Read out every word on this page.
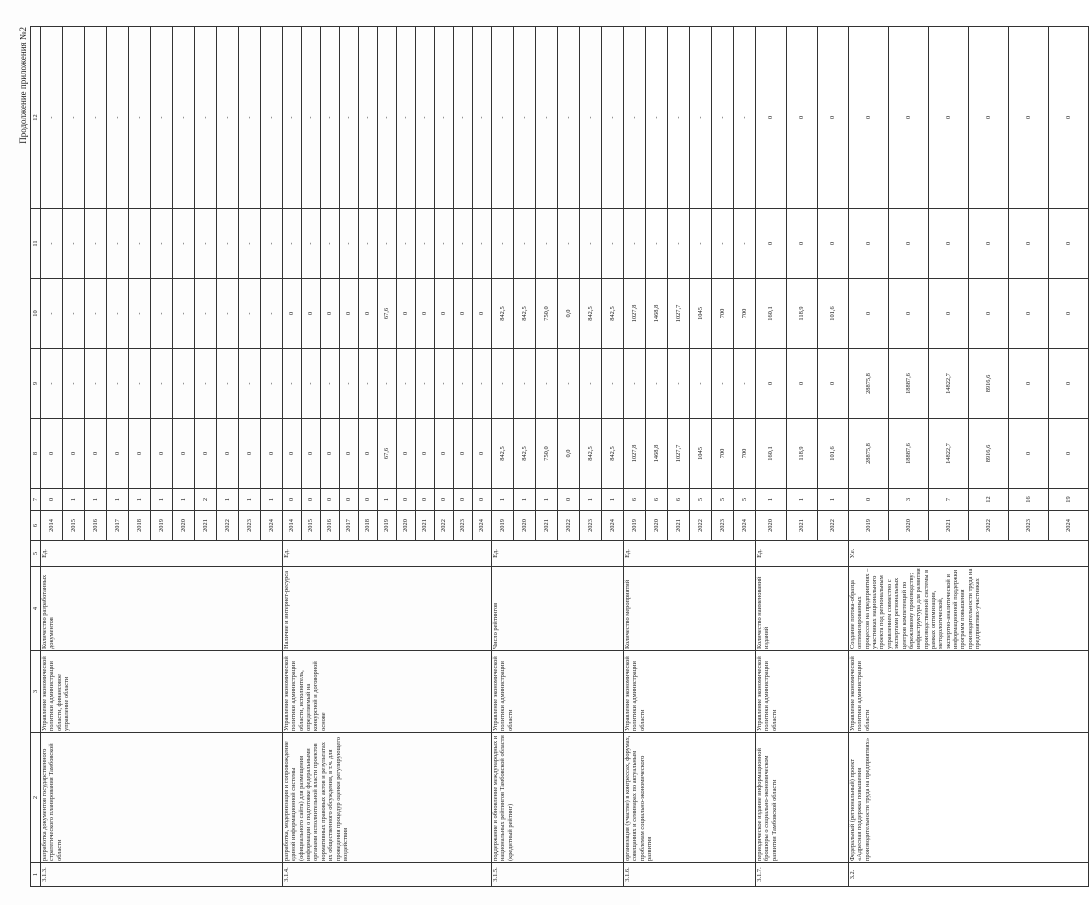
Продолжение приложения №2
1	2	3	4	5	6	7	8	9	10	11	12
3.1.3.	разработка документов государственного стратегического планирования Тамбовской области	Управление экономической политики администрации области, финансовое управление области	Количество разработанных документов	Ед.	2014	0	0	-	-	-	-
					2015	1	0	-	-	-	-
					2016	1	0	-	-	-	-
					2017	1	0	-	-	-	-
					2018	1	0	-	-	-	-
					2019	1	0	-	-	-	-
					2020	1	0	-	-	-	-
					2021	2	0	-	-	-	-
					2022	1	0	-	-	-	-
					2023	1	0	-	-	-	-
					2024	1	0	-	-	-	-
3.1.4.	разработка, модернизация и сопровождение единой информационной системы (официального сайта) для размещения информации о подготовке федеральными органами исполнительной власти проектов нормативных правовых актов и результатах их общественного обсуждения, в т.ч. для проведения процедур оценки регулирующего воздействия	Управление экономической политики администрации области, исполнитель, определяемый на конкурсной и договорной основе	Наличие и интернет-ресурса	Ед.	2014	0	0	-	0	-	-
					2015	0	0	-	0	-	-
					2016	0	0	-	0	-	-
					2017	0	0	-	0	-	-
					2018	0	0	-	0	-	-
					2019	1	67,6	-	67,6	-	-
					2020	0	0	-	0	-	-
					2021	0	0	-	0	-	-
					2022	0	0	-	0	-	-
					2023	0	0	-	0	-	-
					2024	0	0	-	0	-	-
3.1.5.	поддержание и обновление международных и национальных рейтингов Тамбовской области (кредитный рейтинг)	Управление экономической политики администрации области	Число рейтингов	Ед.	2019	1	842,5	-	842,5	-	-
					2020	1	842,5	-	842,5	-	-
					2021	1	750,0	-	750,0	-	-
					2022	0	0,0	-	0,0	-	-
					2023	1	842,5	-	842,5	-	-
					2024	1	842,5	-	842,5	-	-
3.1.6.	организация (участие) в конгрессах, форумах, совещаниях и семинарах по актуальным проблемам социально-экономического развития	Управление экономической политики администрации области	Количество мероприятий	Ед.	2019	6	1027,8	-	1027,8	-	-
					2020	6	1468,8	-	1468,8	-	-
					2021	6	1027,7	-	1027,7	-	-
					2022	5	1045	-	1045	-	-
					2023	5	700	-	700	-	-
					2024	5	700	-	700	-	-
3.1.7.	периодическое издание информационной брошюры о социально-экономическом развитии Тамбовской области	Управление экономической политики администрации области	Количество наименований изданий	Ед.	2020	1	160,1	0	160,1	0	0
					2021	1	118,9	0	118,9	0	0
					2022	1	101,6	0	101,6	0	0
3.2.	Федеральный (региональный) проект «Адресная поддержка повышения производительности труда на предприятиях»	Управление экономической политики администрации области	Создание потока-образца оптимизированных процессов на предприятиях – участниках национального проекта под региональным управлением совместно с экспертами региональных центров компетенций по бережливому производству; инфраструктура для развития производственной системы в рамках оптимизации, методологической, экспертно-аналитической и информационной поддержки программ повышения производительности труда на предприятиях-участниках	У.е.	2019	0	28875,8	28875,8	0	0	0
					2020	3	18887,6	18887,6	0	0	0
					2021	7	14822,7	14822,7	0	0	0
					2022	12	8916,6	8916,6	0	0	0
					2023	16	0	0	0	0	0
					2024	19	0	0	0	0	0
